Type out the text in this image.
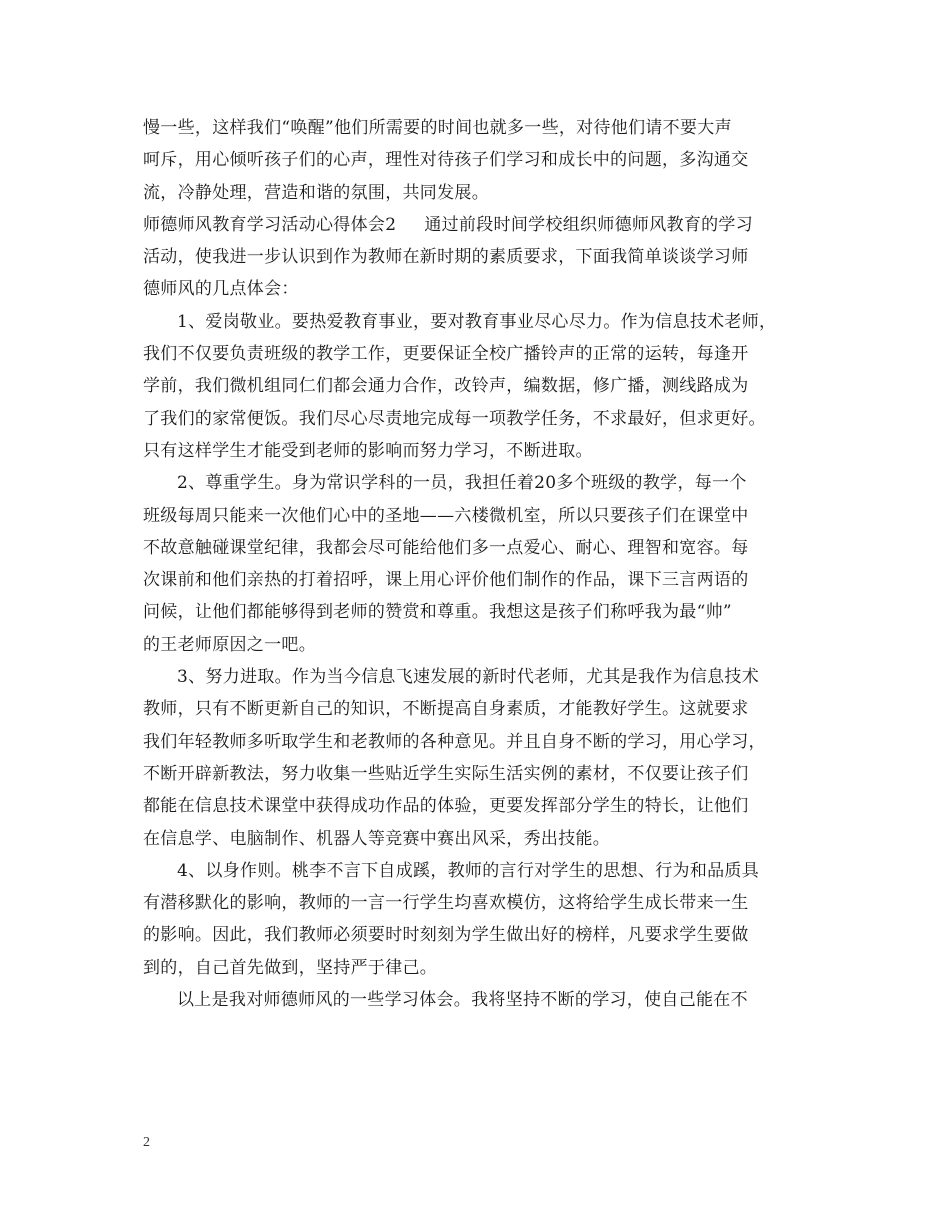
慢一些，这样我们“唤醒”他们所需要的时间也就多一些，对待他们请不要大声
呵斥，用心倾听孩子们的心声，理性对待孩子们学习和成长中的问题，多沟通交
流，冷静处理，营造和谐的氛围，共同发展。
师德师风教育学习活动心得体会2 通过前段时间学校组织师德师风教育的学习
活动，使我进一步认识到作为教师在新时期的素质要求，下面我简单谈谈学习师
德师风的几点体会：
1、爱岗敬业。要热爱教育事业，要对教育事业尽心尽力。作为信息技术老师，
我们不仅要负责班级的教学工作，更要保证全校广播铃声的正常的运转，每逢开
学前，我们微机组同仁们都会通力合作，改铃声，编数据，修广播，测线路成为
了我们的家常便饭。我们尽心尽责地完成每一项教学任务，不求最好，但求更好。
只有这样学生才能受到老师的影响而努力学习，不断进取。
2、尊重学生。身为常识学科的一员，我担任着20多个班级的教学，每一个
班级每周只能来一次他们心中的圣地——六楼微机室，所以只要孩子们在课堂中
不故意触碰课堂纪律，我都会尽可能给他们多一点爱心、耐心、理智和宽容。每
次课前和他们亲热的打着招呼，课上用心评价他们制作的作品，课下三言两语的
问候，让他们都能够得到老师的赞赏和尊重。我想这是孩子们称呼我为最“帅”
的王老师原因之一吧。
3、努力进取。作为当今信息飞速发展的新时代老师，尤其是我作为信息技术
教师，只有不断更新自己的知识，不断提高自身素质，才能教好学生。这就要求
我们年轻教师多听取学生和老教师的各种意见。并且自身不断的学习，用心学习，
不断开辟新教法，努力收集一些贴近学生实际生活实例的素材，不仅要让孩子们
都能在信息技术课堂中获得成功作品的体验，更要发挥部分学生的特长，让他们
在信息学、电脑制作、机器人等竞赛中赛出风采，秀出技能。
4、以身作则。桃李不言下自成蹊，教师的言行对学生的思想、行为和品质具
有潜移默化的影响，教师的一言一行学生均喜欢模仿，这将给学生成长带来一生
的影响。因此，我们教师必须要时时刻刻为学生做出好的榜样，凡要求学生要做
到的，自己首先做到，坚持严于律己。
以上是我对师德师风的一些学习体会。我将坚持不断的学习，使自己能在不
2
